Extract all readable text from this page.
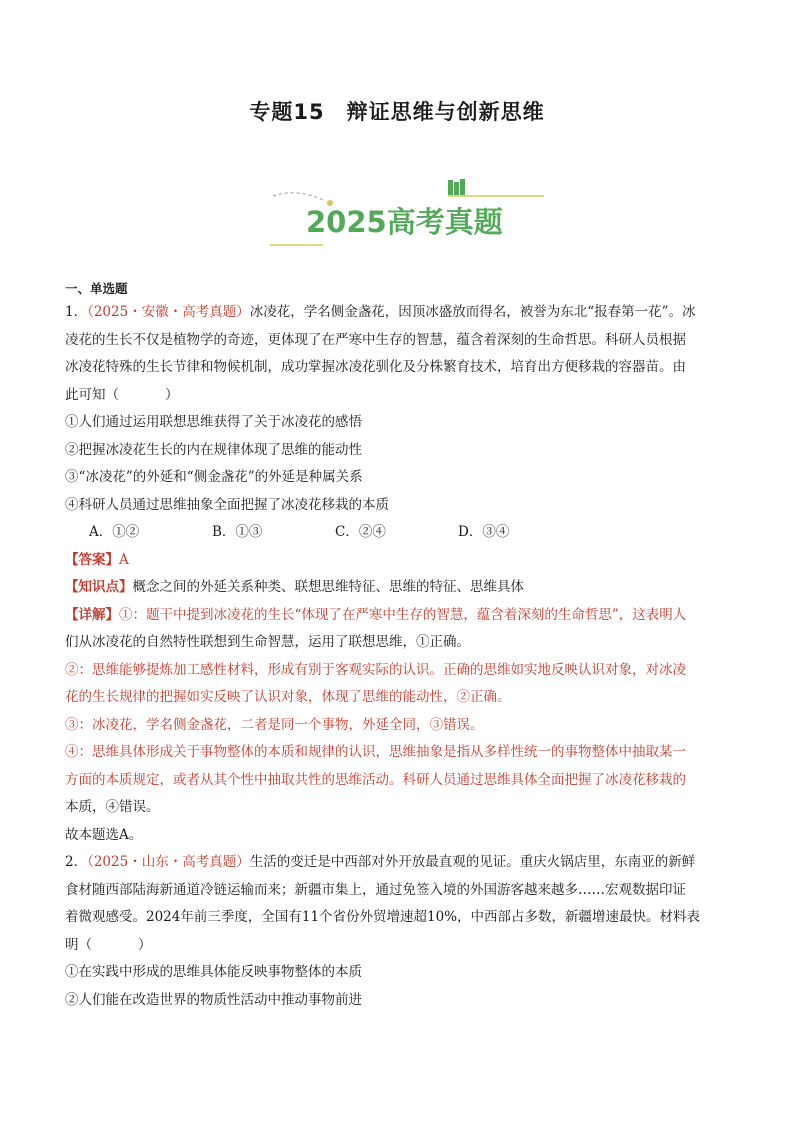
专题15　辩证思维与创新思维
2025高考真题
一、单选题
1．（2025・安徽・高考真题）冰凌花，学名侧金盏花，因顶冰盛放而得名，被誉为东北“报春第一花”。冰
凌花的生长不仅是植物学的奇迹，更体现了在严寒中生存的智慧，蕴含着深刻的生命哲思。科研人员根据
冰凌花特殊的生长节律和物候机制，成功掌握冰凌花驯化及分株繁育技术，培育出方便移栽的容器苗。由
此可知（	）
①人们通过运用联想思维获得了关于冰凌花的感悟
②把握冰凌花生长的内在规律体现了思维的能动性
③“冰凌花”的外延和“侧金盏花”的外延是种属关系
④科研人员通过思维抽象全面把握了冰凌花移栽的本质
A．①②	B．①③	C．②④	D．③④
【答案】A
【知识点】概念之间的外延关系种类、联想思维特征、思维的特征、思维具体
【详解】①：题干中提到冰凌花的生长“体现了在严寒中生存的智慧，蕴含着深刻的生命哲思”，这表明人
们从冰凌花的自然特性联想到生命智慧，运用了联想思维，①正确。
②：思维能够提炼加工感性材料，形成有别于客观实际的认识。正确的思维如实地反映认识对象，对冰凌
花的生长规律的把握如实反映了认识对象，体现了思维的能动性，②正确。
③：冰凌花，学名侧金盏花，二者是同一个事物，外延全同，③错误。
④：思维具体形成关于事物整体的本质和规律的认识，思维抽象是指从多样性统一的事物整体中抽取某一
方面的本质规定，或者从其个性中抽取共性的思维活动。科研人员通过思维具体全面把握了冰凌花移栽的
本质，④错误。
故本题选A。
2．（2025・山东・高考真题）生活的变迁是中西部对外开放最直观的见证。重庆火锅店里，东南亚的新鲜
食材随西部陆海新通道冷链运输而来；新疆市集上，通过免签入境的外国游客越来越多……宏观数据印证
着微观感受。2024年前三季度，全国有11个省份外贸增速超10%，中西部占多数，新疆增速最快。材料表
明（	）
①在实践中形成的思维具体能反映事物整体的本质
②人们能在改造世界的物质性活动中推动事物前进
